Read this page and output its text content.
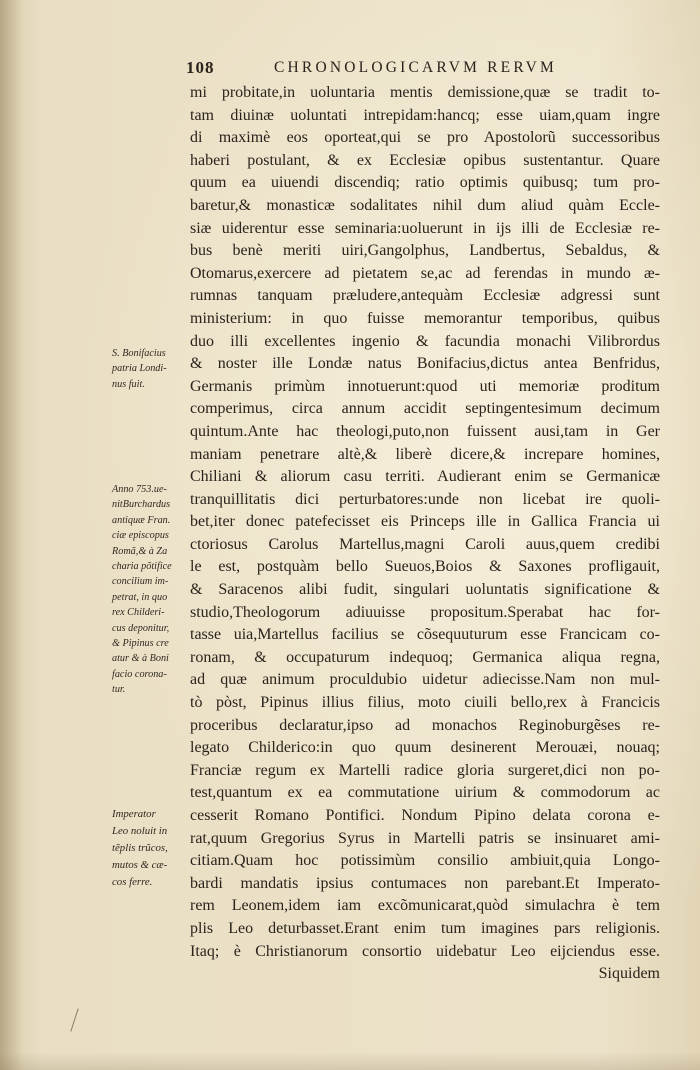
108	CHRONOLOGICARVM RERVM
mi probitate,in uoluntaria mentis demissione,quæ se tradit to-
tam diuinæ uoluntati intrepidam:hancq; esse uiam,quam ingre
di maximè eos oporteat,qui se pro Apostolorũ successoribus
haberi postulant, & ex Ecclesiæ opibus sustentantur. Quare
quum ea uiuendi discendiq; ratio optimis quibusq; tum pro-
baretur,& monasticæ sodalitates nihil dum aliud quàm Eccle-
siæ uiderentur esse seminaria:uoluerunt in ijs illi de Ecclesiæ re-
bus benè meriti uiri,Gangolphus, Landbertus, Sebaldus, &
Otomarus,exercere ad pietatem se,ac ad ferendas in mundo æ-
rumnas tanquam præludere,antequàm Ecclesiæ adgressi sunt
ministerium: in quo fuisse memorantur temporibus, quibus
duo illi excellentes ingenio & facundia monachi Vilibrordus
& noster ille Londæ natus Bonifacius,dictus antea Benfridus,
Germanis primùm innotuerunt:quod uti memoriæ proditum
comperimus, circa annum accidit septingentesimum decimum
quintum.Ante hac theologi,puto,non fuissent ausi,tam in Ger
maniam penetrare altè,& liberè dicere,& increpare homines,
Chiliani & aliorum casu territi. Audierant enim se Germanicæ
tranquillitatis dici perturbatores:unde non licebat ire quoli-
bet,iter donec patefecisset eis Princeps ille in Gallica Francia ui
ctoriosus Carolus Martellus,magni Caroli auus,quem credibi
le est, postquàm bello Sueuos,Boios & Saxones profligauit,
& Saracenos alibi fudit, singulari uoluntatis significatione &
studio,Theologorum adiuuisse propositum.Sperabat hac for-
tasse uia,Martellus facilius se cõsequuturum esse Francicam co-
ronam, & occupaturum indequoq; Germanica aliqua regna,
ad quæ animum proculdubio uidetur adiecisse.Nam non mul-
tò pòst, Pipinus illius filius, moto ciuili bello,rex à Francicis
proceribus declaratur,ipso ad monachos Reginoburgẽses re-
legato Childerico:in quo quum desinerent Merouæi, nouaq;
Franciæ regum ex Martelli radice gloria surgeret,dici non po-
test,quantum ex ea commutatione uirium & commodorum ac
cesserit Romano Pontifici. Nondum Pipino delata corona e-
rat,quum Gregorius Syrus in Martelli patris se insinuaret ami-
citiam.Quam hoc potissimùm consilio ambiuit,quia Longo-
bardi mandatis ipsius contumaces non parebant.Et Imperato-
rem Leonem,idem iam excõmunicarat,quòd simulachra è tem
plis Leo deturbasset.Erant enim tum imagines pars religionis.
Itaq; è Christianorum consortio uidebatur Leo eijciendus esse.
Siquidem
S. Bonifacius
patria Londi-
nus fuit.
Anno 753.ue-
nitBurchardus
antiquæ Fran.
ciæ episcopus
Romã,& à Za
charia põtifice
concilium im-
petrat, in quo
rex Childeri-
cus deponitur,
& Pipinus cre
atur & à Boni
facio corona-
tur.
Imperator
Leo noluit in
tẽplis trũcos,
mutos & cæ-
cos ferre.
